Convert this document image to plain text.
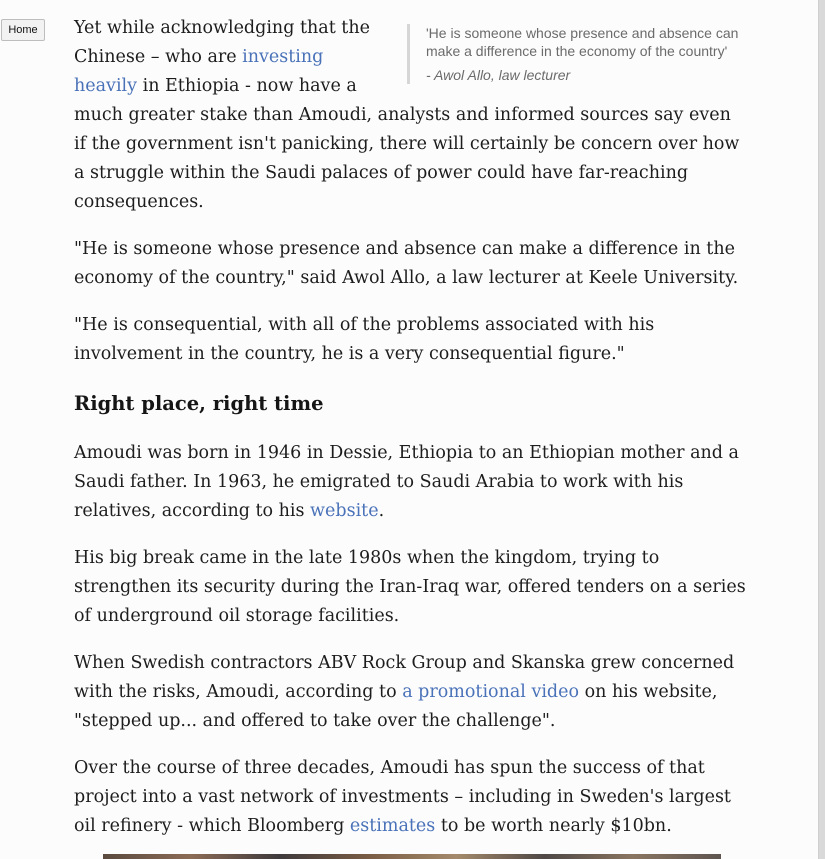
Home	'He is someone whose presence and absence can make a difference in the economy of the country'
- Awol Allo, law lecturer

Yet while acknowledging that the Chinese – who are investing heavily in Ethiopia - now have a much greater stake than Amoudi, analysts and informed sources say even if the government isn't panicking, there will certainly be concern over how a struggle within the Saudi palaces of power could have far-reaching consequences.

"He is someone whose presence and absence can make a difference in the economy of the country," said Awol Allo, a law lecturer at Keele University.

"He is consequential, with all of the problems associated with his involvement in the country, he is a very consequential figure."

Right place, right time

Amoudi was born in 1946 in Dessie, Ethiopia to an Ethiopian mother and a Saudi father. In 1963, he emigrated to Saudi Arabia to work with his relatives, according to his website.

His big break came in the late 1980s when the kingdom, trying to strengthen its security during the Iran-Iraq war, offered tenders on a series of underground oil storage facilities.

When Swedish contractors ABV Rock Group and Skanska grew concerned with the risks, Amoudi, according to a promotional video on his website, "stepped up... and offered to take over the challenge".

Over the course of three decades, Amoudi has spun the success of that project into a vast network of investments – including in Sweden's largest oil refinery - which Bloomberg estimates to be worth nearly $10bn.
